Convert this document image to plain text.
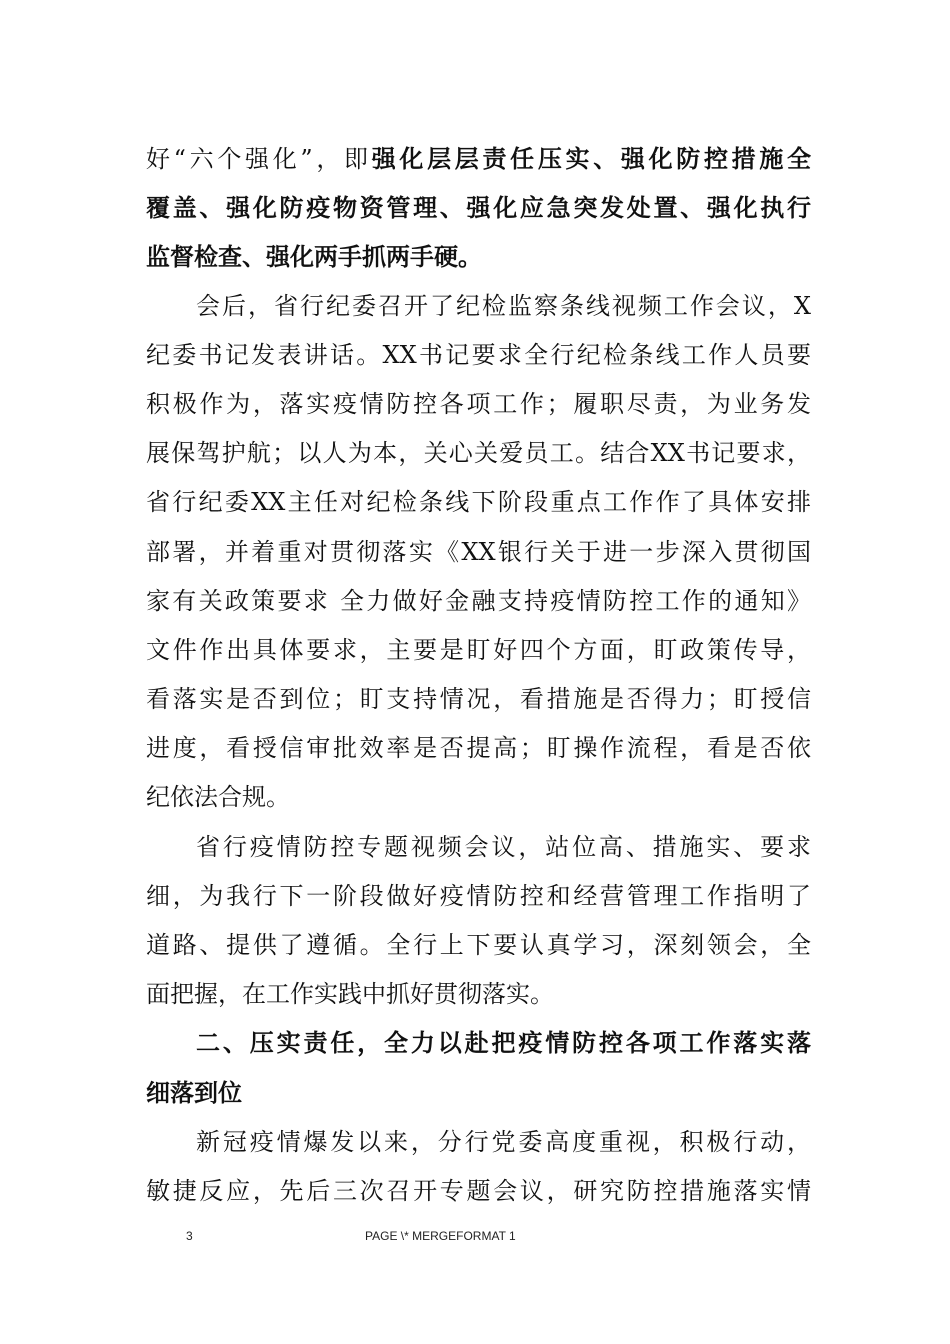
好“六个强化”，即强化层层责任压实、强化防控措施全
覆盖、强化防疫物资管理、强化应急突发处置、强化执行
监督检查、强化两手抓两手硬。
会后，省行纪委召开了纪检监察条线视频工作会议，X
纪委书记发表讲话。XX书记要求全行纪检条线工作人员要
积极作为，落实疫情防控各项工作；履职尽责，为业务发
展保驾护航；以人为本，关心关爱员工。结合XX书记要求，
省行纪委XX主任对纪检条线下阶段重点工作作了具体安排
部署，并着重对贯彻落实《XX银行关于进一步深入贯彻国
家有关政策要求 全力做好金融支持疫情防控工作的通知》
文件作出具体要求，主要是盯好四个方面，盯政策传导，
看落实是否到位；盯支持情况，看措施是否得力；盯授信
进度，看授信审批效率是否提高；盯操作流程，看是否依
纪依法合规。
省行疫情防控专题视频会议，站位高、措施实、要求
细，为我行下一阶段做好疫情防控和经营管理工作指明了
道路、提供了遵循。全行上下要认真学习，深刻领会，全
面把握，在工作实践中抓好贯彻落实。
二、压实责任，全力以赴把疫情防控各项工作落实落
细落到位
新冠疫情爆发以来，分行党委高度重视，积极行动，
敏捷反应，先后三次召开专题会议，研究防控措施落实情
3	PAGE \* MERGEFORMAT 1
